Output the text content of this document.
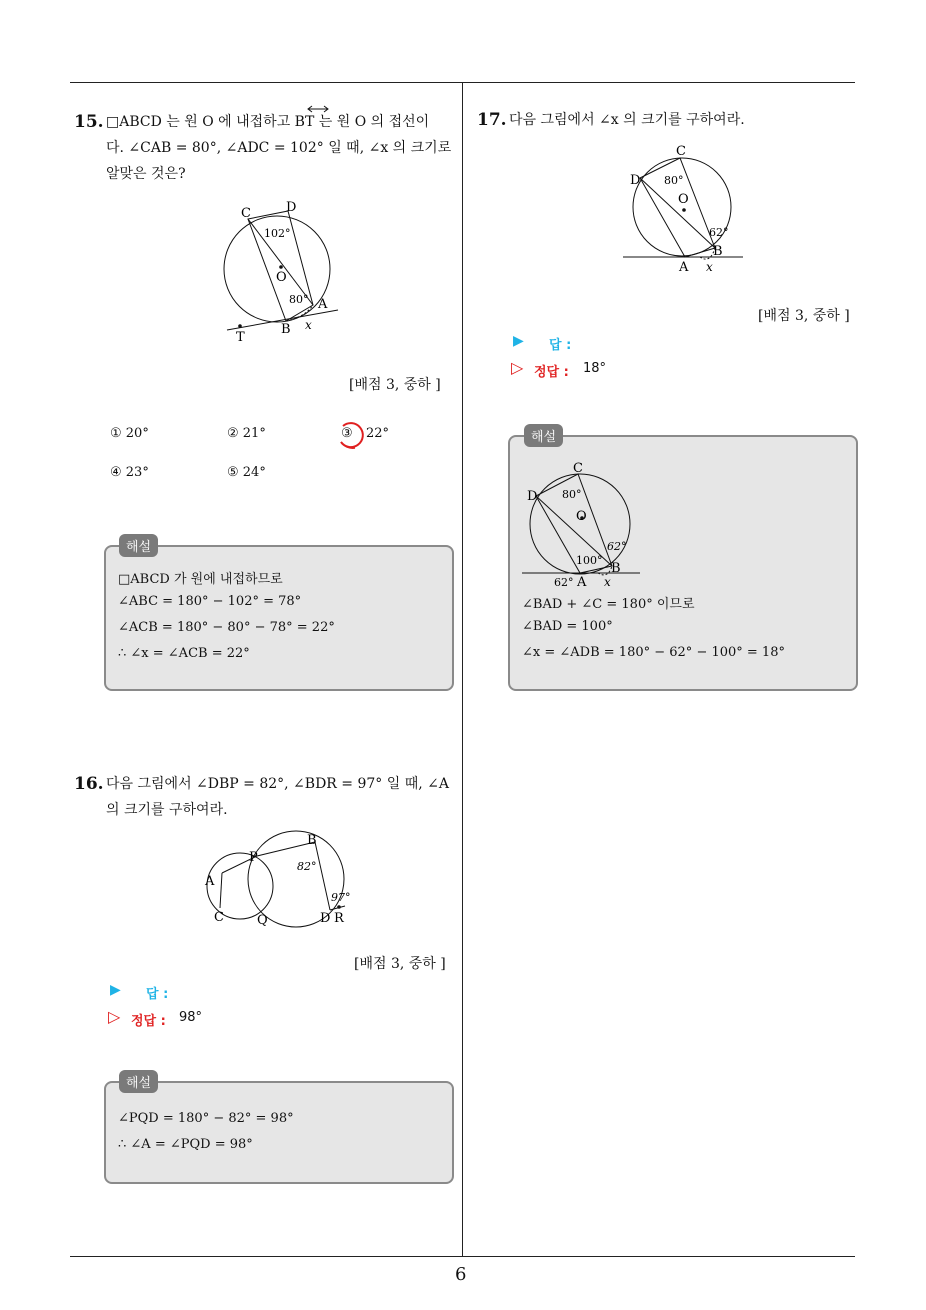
6
15. □ABCD 는 원 O 에 내접하고 BT 는 원 O 의 접선이
다. ∠CAB = 80°, ∠ADC = 102° 일 때, ∠x 의 크기로
알맞은 것은?
C	D
102°
O
80° A
B x
T
[배점 3, 중하 ]
① 20°	② 21°	③ 22°
④ 23°	⑤ 24°
해설
□ABCD 가 원에 내접하므로
∠ABC = 180° − 102° = 78°
∠ACB = 180° − 80° − 78° = 22°
∴ ∠x = ∠ACB = 22°
16. 다음 그림에서 ∠DBP = 82°, ∠BDR = 97° 일 때, ∠A
의 크기를 구하여라.
A
P
B
82°
97°
C	Q	D R
[배점 3, 중하 ]
▶ 답 :
▷ 정답 : 98°
해설
∠PQD = 180° − 82° = 98°
∴ ∠A = ∠PQD = 98°
17. 다음 그림에서 ∠x 의 크기를 구하여라.
C
D 80°
O
62°
B
A x
[배점 3, 중하 ]
▶ 답 :
▷ 정답 : 18°
해설
C
D 80°
O
62°
100°
B
62° A x
∠BAD + ∠C = 180° 이므로
∠BAD = 100°
∠x = ∠ADB = 180° − 62° − 100° = 18°
